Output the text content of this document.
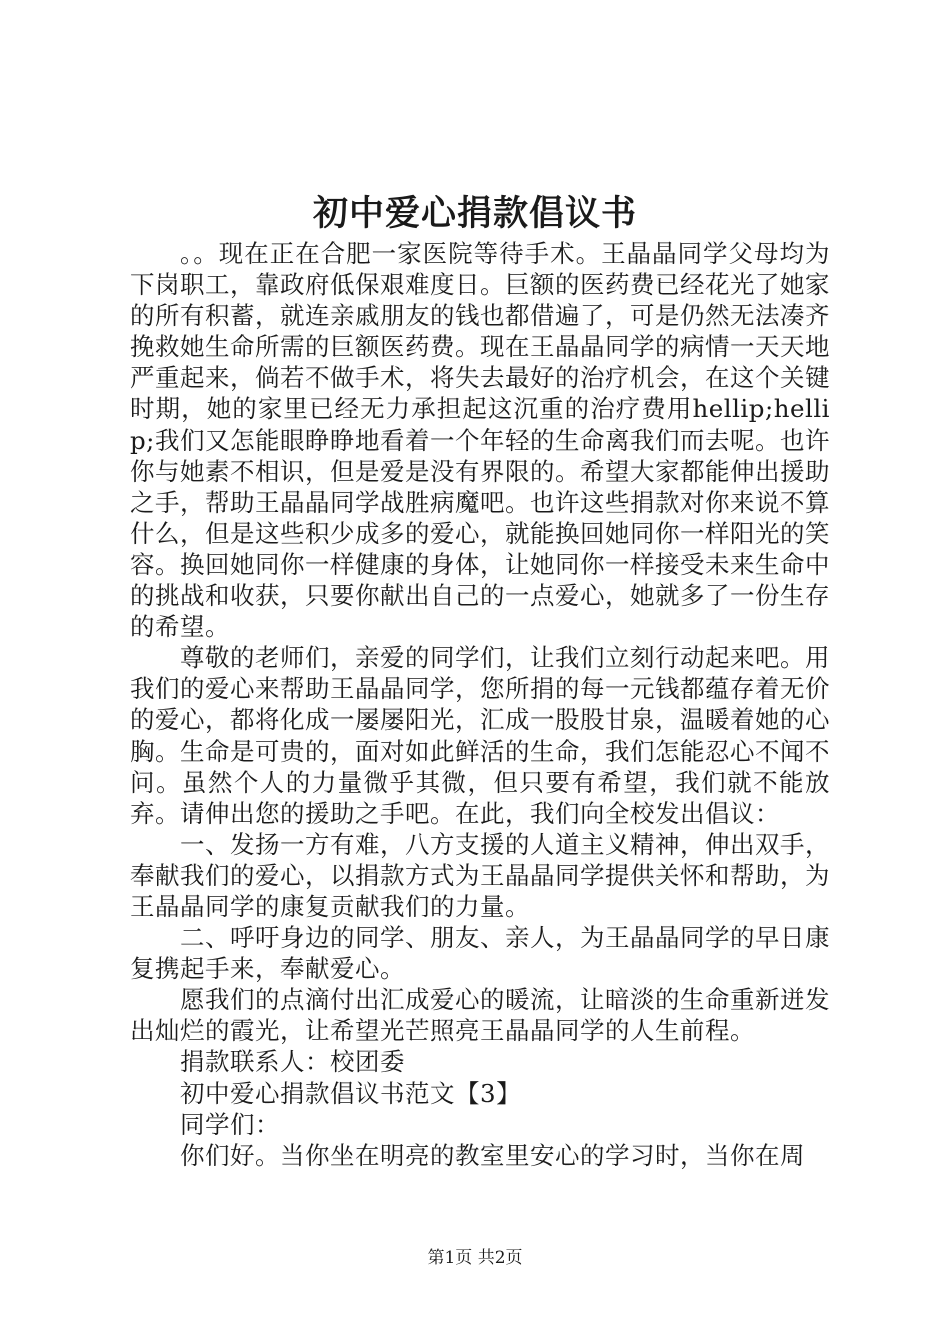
初中爱心捐款倡议书

。。现在正在合肥一家医院等待手术。王晶晶同学父母均为下岗职工，靠政府低保艰难度日。巨额的医药费已经花光了她家的所有积蓄，就连亲戚朋友的钱也都借遍了，可是仍然无法凑齐挽救她生命所需的巨额医药费。现在王晶晶同学的病情一天天地严重起来，倘若不做手术，将失去最好的治疗机会，在这个关键时期，她的家里已经无力承担起这沉重的治疗费用hellip;hellip;我们又怎能眼睁睁地看着一个年轻的生命离我们而去呢。也许你与她素不相识，但是爱是没有界限的。希望大家都能伸出援助之手，帮助王晶晶同学战胜病魔吧。也许这些捐款对你来说不算什么，但是这些积少成多的爱心，就能换回她同你一样阳光的笑容。换回她同你一样健康的身体，让她同你一样接受未来生命中的挑战和收获，只要你献出自己的一点爱心，她就多了一份生存的希望。

尊敬的老师们，亲爱的同学们，让我们立刻行动起来吧。用我们的爱心来帮助王晶晶同学，您所捐的每一元钱都蕴存着无价的爱心，都将化成一屡屡阳光，汇成一股股甘泉，温暖着她的心胸。生命是可贵的，面对如此鲜活的生命，我们怎能忍心不闻不问。虽然个人的力量微乎其微，但只要有希望，我们就不能放弃。请伸出您的援助之手吧。在此，我们向全校发出倡议：

一、发扬一方有难，八方支援的人道主义精神，伸出双手，奉献我们的爱心，以捐款方式为王晶晶同学提供关怀和帮助，为王晶晶同学的康复贡献我们的力量。

二、呼吁身边的同学、朋友、亲人，为王晶晶同学的早日康复携起手来，奉献爱心。

愿我们的点滴付出汇成爱心的暖流，让暗淡的生命重新迸发出灿烂的霞光，让希望光芒照亮王晶晶同学的人生前程。

捐款联系人：校团委

初中爱心捐款倡议书范文【3】

同学们：

你们好。当你坐在明亮的教室里安心的学习时，当你在周

第1页 共2页
